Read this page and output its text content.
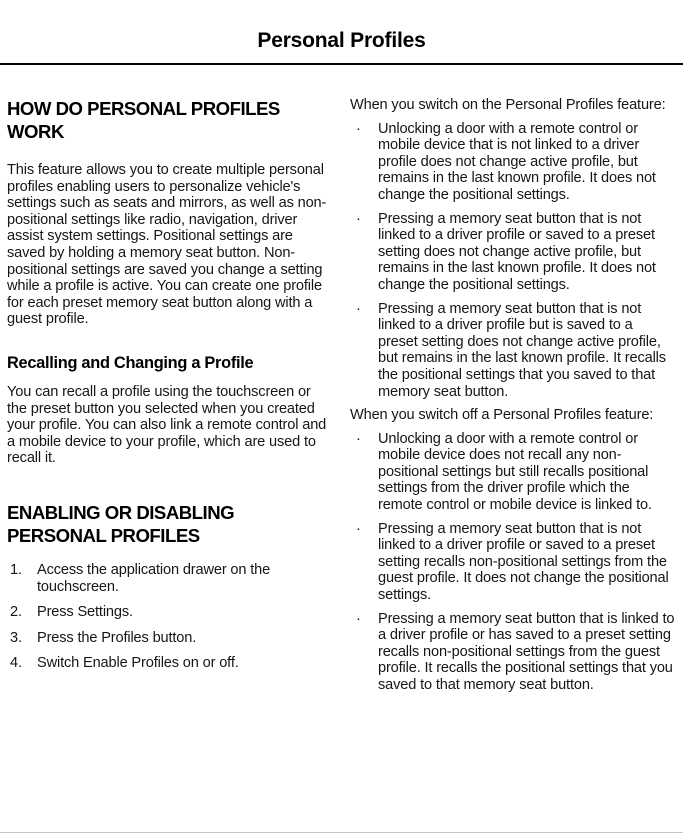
Personal Profiles
HOW DO PERSONAL PROFILES WORK

This feature allows you to create multiple personal profiles enabling users to personalize vehicle's settings such as seats and mirrors, as well as non-positional settings like radio, navigation, driver assist system settings. Positional settings are saved by holding a memory seat button. Non-positional settings are saved you change a setting while a profile is active. You can create one profile for each preset memory seat button along with a guest profile.

Recalling and Changing a Profile

You can recall a profile using the touchscreen or the preset button you selected when you created your profile. You can also link a remote control and a mobile device to your profile, which are used to recall it.

ENABLING OR DISABLING PERSONAL PROFILES
1.	Access the application drawer on the touchscreen.
2.	Press Settings.
3.	Press the Profiles button.
4.	Switch Enable Profiles on or off.

When you switch on the Personal Profiles feature:

·	Unlocking a door with a remote control or mobile device that is not linked to a driver profile does not change active profile, but remains in the last known profile. It does not change the positional settings.
·	Pressing a memory seat button that is not linked to a driver profile or saved to a preset setting does not change active profile, but remains in the last known profile. It does not change the positional settings.
·	Pressing a memory seat button that is not linked to a driver profile but is saved to a preset setting does not change active profile, but remains in the last known profile. It recalls the positional settings that you saved to that memory seat button.

When you switch off a Personal Profiles feature:

·	Unlocking a door with a remote control or mobile device does not recall any non-positional settings but still recalls positional settings from the driver profile which the remote control or mobile device is linked to.
·	Pressing a memory seat button that is not linked to a driver profile or saved to a preset setting recalls non-positional settings from the guest profile. It does not change the positional settings.
·	Pressing a memory seat button that is linked to a driver profile or has saved to a preset setting recalls non-positional settings from the guest profile. It recalls the positional settings that you saved to that memory seat button.
